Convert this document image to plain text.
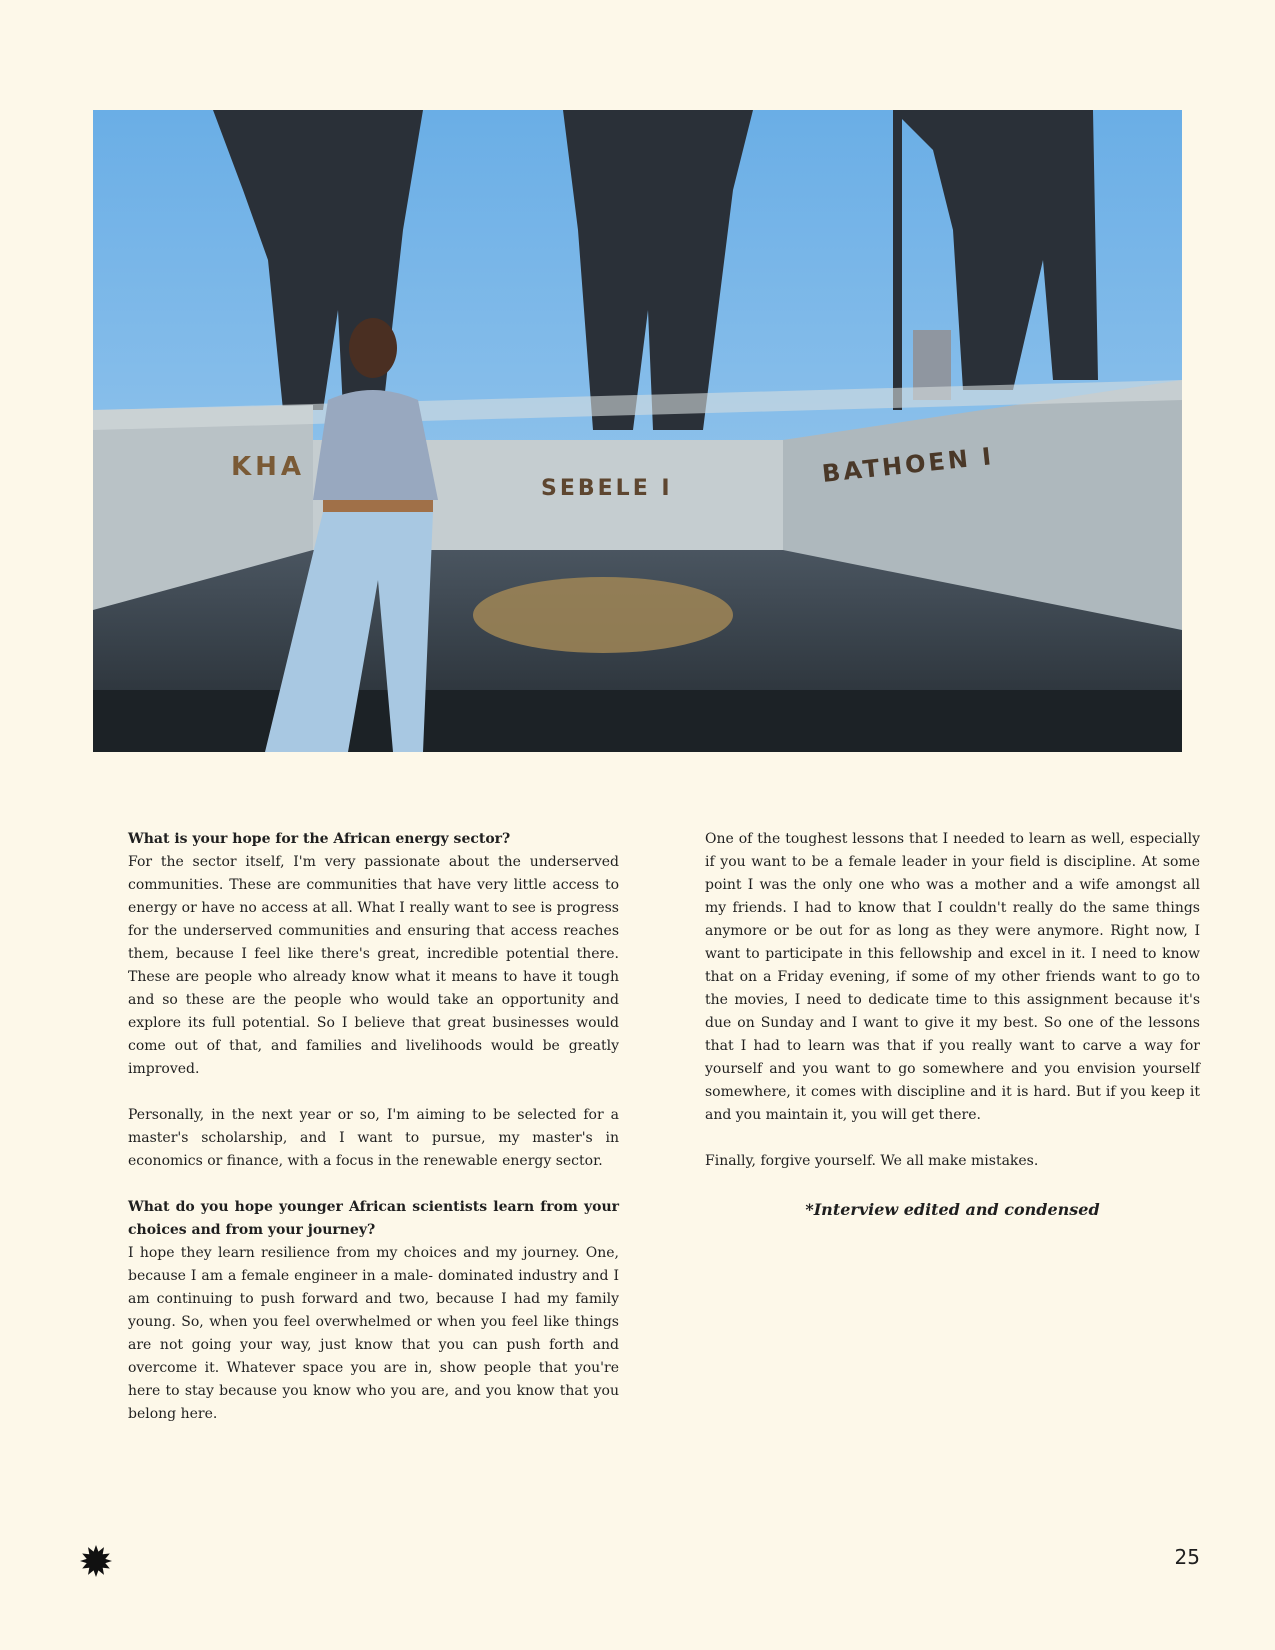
KHA
SEBELE I
BATHOEN I

What is your hope for the African energy sector?

For the sector itself, I'm very passionate about the underserved communities. These are communities that have very little access to energy or have no access at all. What I really want to see is progress for the underserved communities and ensuring that access reaches them, because I feel like there's great, incredible potential there. These are people who already know what it means to have it tough and so these are the people who would take an opportunity and explore its full potential. So I believe that great businesses would come out of that, and families and livelihoods would be greatly improved.

Personally, in the next year or so, I'm aiming to be selected for a master's scholarship, and I want to pursue, my master's in economics or finance, with a focus in the renewable energy sector.

What do you hope younger African scientists learn from your choices and from your journey?

I hope they learn resilience from my choices and my journey. One, because I am a female engineer in a male- dominated industry and I am continuing to push forward and two, because I had my family young. So, when you feel overwhelmed or when you feel like things are not going your way, just know that you can push forth and overcome it. Whatever space you are in, show people that you're here to stay because you know who you are, and you know that you belong here.

One of the toughest lessons that I needed to learn as well, especially if you want to be a female leader in your field is discipline. At some point I was the only one who was a mother and a wife amongst all my friends. I had to know that I couldn't really do the same things anymore or be out for as long as they were anymore. Right now, I want to participate in this fellowship and excel in it. I need to know that on a Friday evening, if some of my other friends want to go to the movies, I need to dedicate time to this assignment because it's due on Sunday and I want to give it my best. So one of the lessons that I had to learn was that if you really want to carve a way for yourself and you want to go somewhere and you envision yourself somewhere, it comes with discipline and it is hard. But if you keep it and you maintain it, you will get there.

Finally, forgive yourself. We all make mistakes.

*Interview edited and condensed
25
